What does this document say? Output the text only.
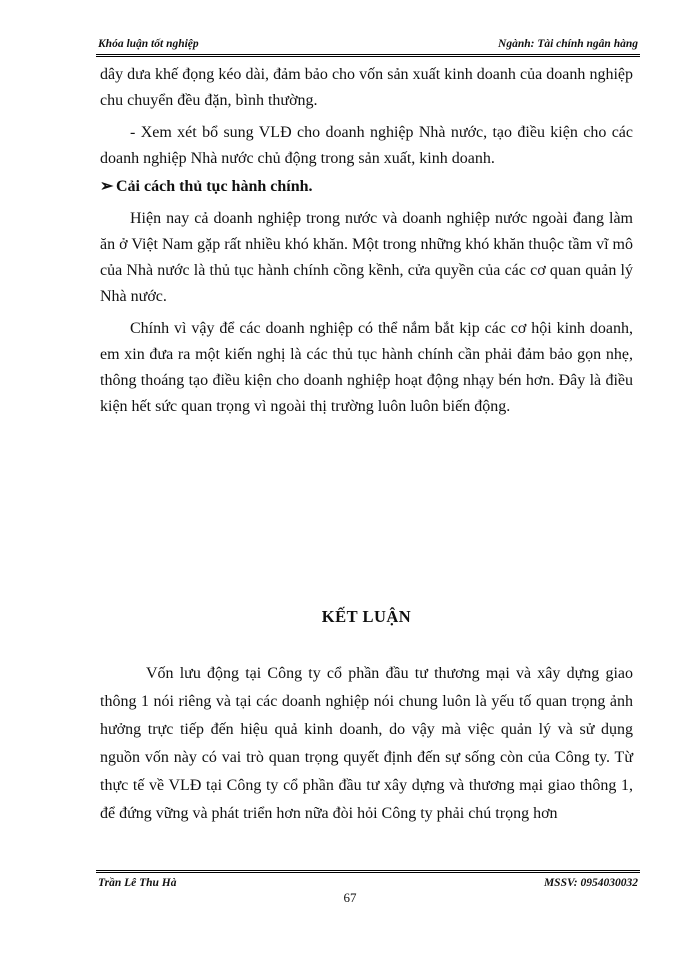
Khóa luận tốt nghiệp	Ngành: Tài chính ngân hàng

dây dưa khế đọng kéo dài, đảm bảo cho vốn sản xuất kinh doanh của doanh nghiệp chu chuyển đều đặn, bình thường.

- Xem xét bổ sung VLĐ cho doanh nghiệp Nhà nước, tạo điều kiện cho các doanh nghiệp Nhà nước chủ động trong sản xuất, kinh doanh.

➢ Cải cách thủ tục hành chính.

Hiện nay cả doanh nghiệp trong nước và doanh nghiệp nước ngoài đang làm ăn ở Việt Nam gặp rất nhiều khó khăn. Một trong những khó khăn thuộc tầm vĩ mô của Nhà nước là thủ tục hành chính cồng kềnh, cửa quyền của các cơ quan quản lý Nhà nước.

Chính vì vậy để các doanh nghiệp có thể nắm bắt kịp các cơ hội kinh doanh, em xin đưa ra một kiến nghị là các thủ tục hành chính cần phải đảm bảo gọn nhẹ, thông thoáng tạo điều kiện cho doanh nghiệp hoạt động nhạy bén hơn. Đây là điều kiện hết sức quan trọng vì ngoài thị trường luôn luôn biến động.

KẾT LUẬN

Vốn lưu động tại Công ty cổ phần đầu tư thương mại và xây dựng giao thông 1 nói riêng và tại các doanh nghiệp nói chung luôn là yếu tố quan trọng ảnh hưởng trực tiếp đến hiệu quả kinh doanh, do vậy mà việc quản lý và sử dụng nguồn vốn này có vai trò quan trọng quyết định đến sự sống còn của Công ty. Từ thực tế về VLĐ tại Công ty cổ phần đầu tư xây dựng và thương mại giao thông 1, để đứng vững và phát triển hơn nữa đòi hỏi Công ty phải chú trọng hơn

Trần Lê Thu Hà	MSSV: 0954030032
67
